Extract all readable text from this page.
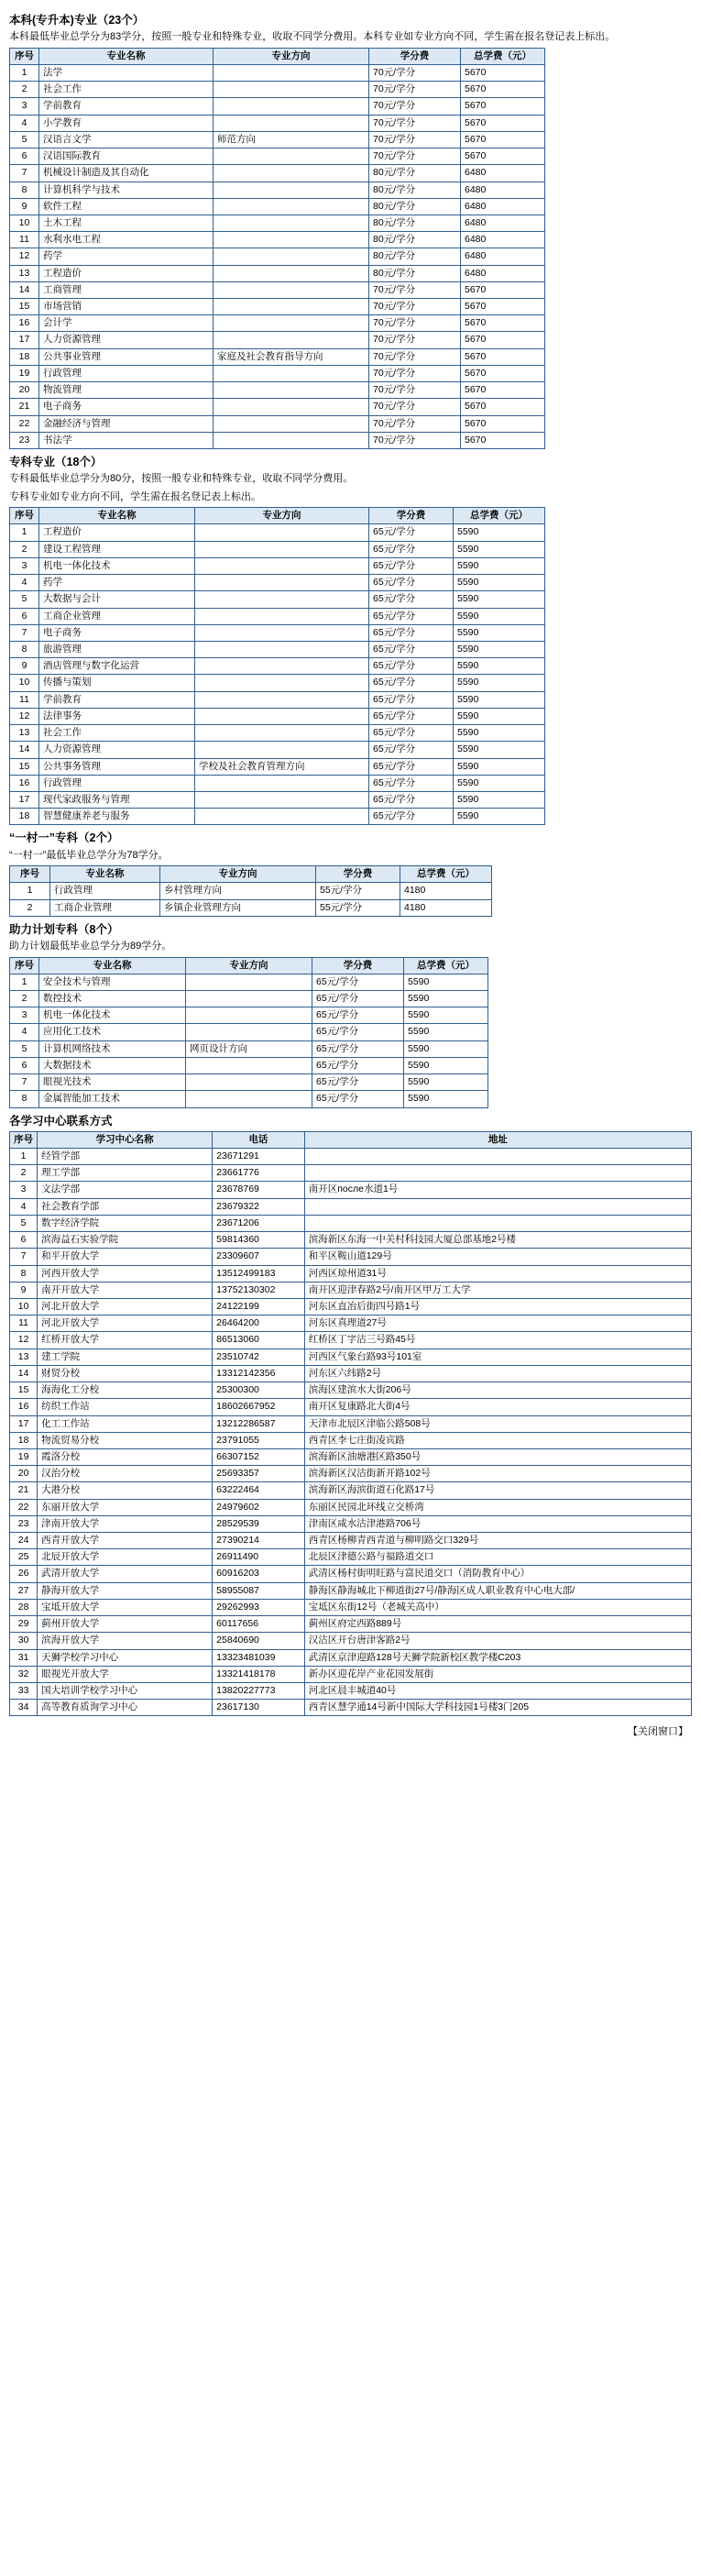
本科(专升本)专业（23个）

本科最低毕业总学分为83学分，按照一般专业和特殊专业，收取不同学分费用。本科专业如专业方向不同，学生需在报名登记表上标出。

序号	专业名称	专业方向	学分费	总学费（元）
1	法学		70元/学分	5670
2	社会工作		70元/学分	5670
3	学前教育		70元/学分	5670
4	小学教育		70元/学分	5670
5	汉语言文学	师范方向	70元/学分	5670
6	汉语国际教育		70元/学分	5670
7	机械设计制造及其自动化		80元/学分	6480
8	计算机科学与技术		80元/学分	6480
9	软件工程		80元/学分	6480
10	土木工程		80元/学分	6480
11	水利水电工程		80元/学分	6480
12	药学		80元/学分	6480
13	工程造价		80元/学分	6480
14	工商管理		70元/学分	5670
15	市场营销		70元/学分	5670
16	会计学		70元/学分	5670
17	人力资源管理		70元/学分	5670
18	公共事业管理	家庭及社会教育指导方向	70元/学分	5670
19	行政管理		70元/学分	5670
20	物流管理		70元/学分	5670
21	电子商务		70元/学分	5670
22	金融经济与管理		70元/学分	5670
23	书法学		70元/学分	5670
专科专业（18个）

专科最低毕业总学分为80分，按照一般专业和特殊专业，收取不同学分费用。

专科专业如专业方向不同，学生需在报名登记表上标出。

序号	专业名称	专业方向	学分费	总学费（元）
1	工程造价		65元/学分	5590
2	建设工程管理		65元/学分	5590
3	机电一体化技术		65元/学分	5590
4	药学		65元/学分	5590
5	大数据与会计		65元/学分	5590
6	工商企业管理		65元/学分	5590
7	电子商务		65元/学分	5590
8	旅游管理		65元/学分	5590
9	酒店管理与数字化运营		65元/学分	5590
10	传播与策划		65元/学分	5590
11	学前教育		65元/学分	5590
12	法律事务		65元/学分	5590
13	社会工作		65元/学分	5590
14	人力资源管理		65元/学分	5590
15	公共事务管理	学校及社会教育管理方向	65元/学分	5590
16	行政管理		65元/学分	5590
17	现代家政服务与管理		65元/学分	5590
18	智慧健康养老与服务		65元/学分	5590
“一村一”专科（2个）

“一村一”最低毕业总学分为78学分。

序号	专业名称	专业方向	学分费	总学费（元）
1	行政管理	乡村管理方向	55元/学分	4180
2	工商企业管理	乡镇企业管理方向	55元/学分	4180
助力计划专科（8个）

助力计划最低毕业总学分为89学分。

序号	专业名称	专业方向	学分费	总学费（元）
1	安全技术与管理		65元/学分	5590
2	数控技术		65元/学分	5590
3	机电一体化技术		65元/学分	5590
4	应用化工技术		65元/学分	5590
5	计算机网络技术	网页设计方向	65元/学分	5590
6	大数据技术		65元/学分	5590
7	眼视光技术		65元/学分	5590
8	金属智能加工技术		65元/学分	5590
各学习中心联系方式
序号	学习中心名称	电话	地址
1	经管学部	23671291	
2	理工学部	23661776	
3	文法学部	23678769	南开区после水道1号
4	社会教育学部	23679322	
5	数字经济学院	23671206	
6	滨海益石实验学院	59814360	滨海新区东海一中关村科技园大厦总部基地2号楼
7	和平开放大学	23309607	和平区鞍山道129号
8	河西开放大学	13512499183	河西区琼州道31号
9	南开开放大学	13752130302	南开区迎津春路2号/南开区甲万工大学
10	河北开放大学	24122199	河东区直冶后街四号路1号
11	河北开放大学	26464200	河东区真理道27号
12	红桥开放大学	86513060	红桥区丁字沽三号路45号
13	建工学院	23510742	河西区气象台路93号101室
14	财贸分校	13312142356	河东区六纬路2号
15	海海化工分校	25300300	滨海区建滨水大街206号
16	纺织工作站	18602667952	南开区复康路北大街4号
17	化工工作站	13212286587	天津市北辰区津临公路508号
18	物流贸易分校	23791055	西青区李七庄街凌宾路
19	霞洛分校	66307152	滨海新区油塘港区路350号
20	汉治分校	25693357	滨海新区汉沽街新开路102号
21	大港分校	63222464	滨海新区海滨街道石化路17号
22	东丽开放大学	24979602	东丽区民园北环线立交桥湾
23	津南开放大学	28529539	津南区咸水沽津港路706号
24	西青开放大学	27390214	西青区杨柳青西青道与柳明路交口329号
25	北辰开放大学	26911490	北辰区津德公路与福路道交口
26	武清开放大学	60916203	武清区杨村街明旺路与富民道交口（消防教育中心）
27	静海开放大学	58955087	静海区静海城北下柳道街27号/静海区成人职业教育中心电大部/
28	宝坻开放大学	29262993	宝坻区东街12号（老城关高中）
29	蓟州开放大学	60117656	蓟州区府定西路889号
30	滨海开放大学	25840690	汉沽区开台唐津客路2号
31	天狮学校学习中心	13323481039	武清区京津迎路128号天狮学院新校区教学楼C203
32	眼视光开放大学	13321418178	新办区迎花岸产业花园发展街
33	国大培训学校学习中心	13820227773	河北区晨丰城道40号
34	高等教育质询学习中心	23617130	西青区慧学通14号新中国际大学科技园1号楼3门205
【关闭窗口】
